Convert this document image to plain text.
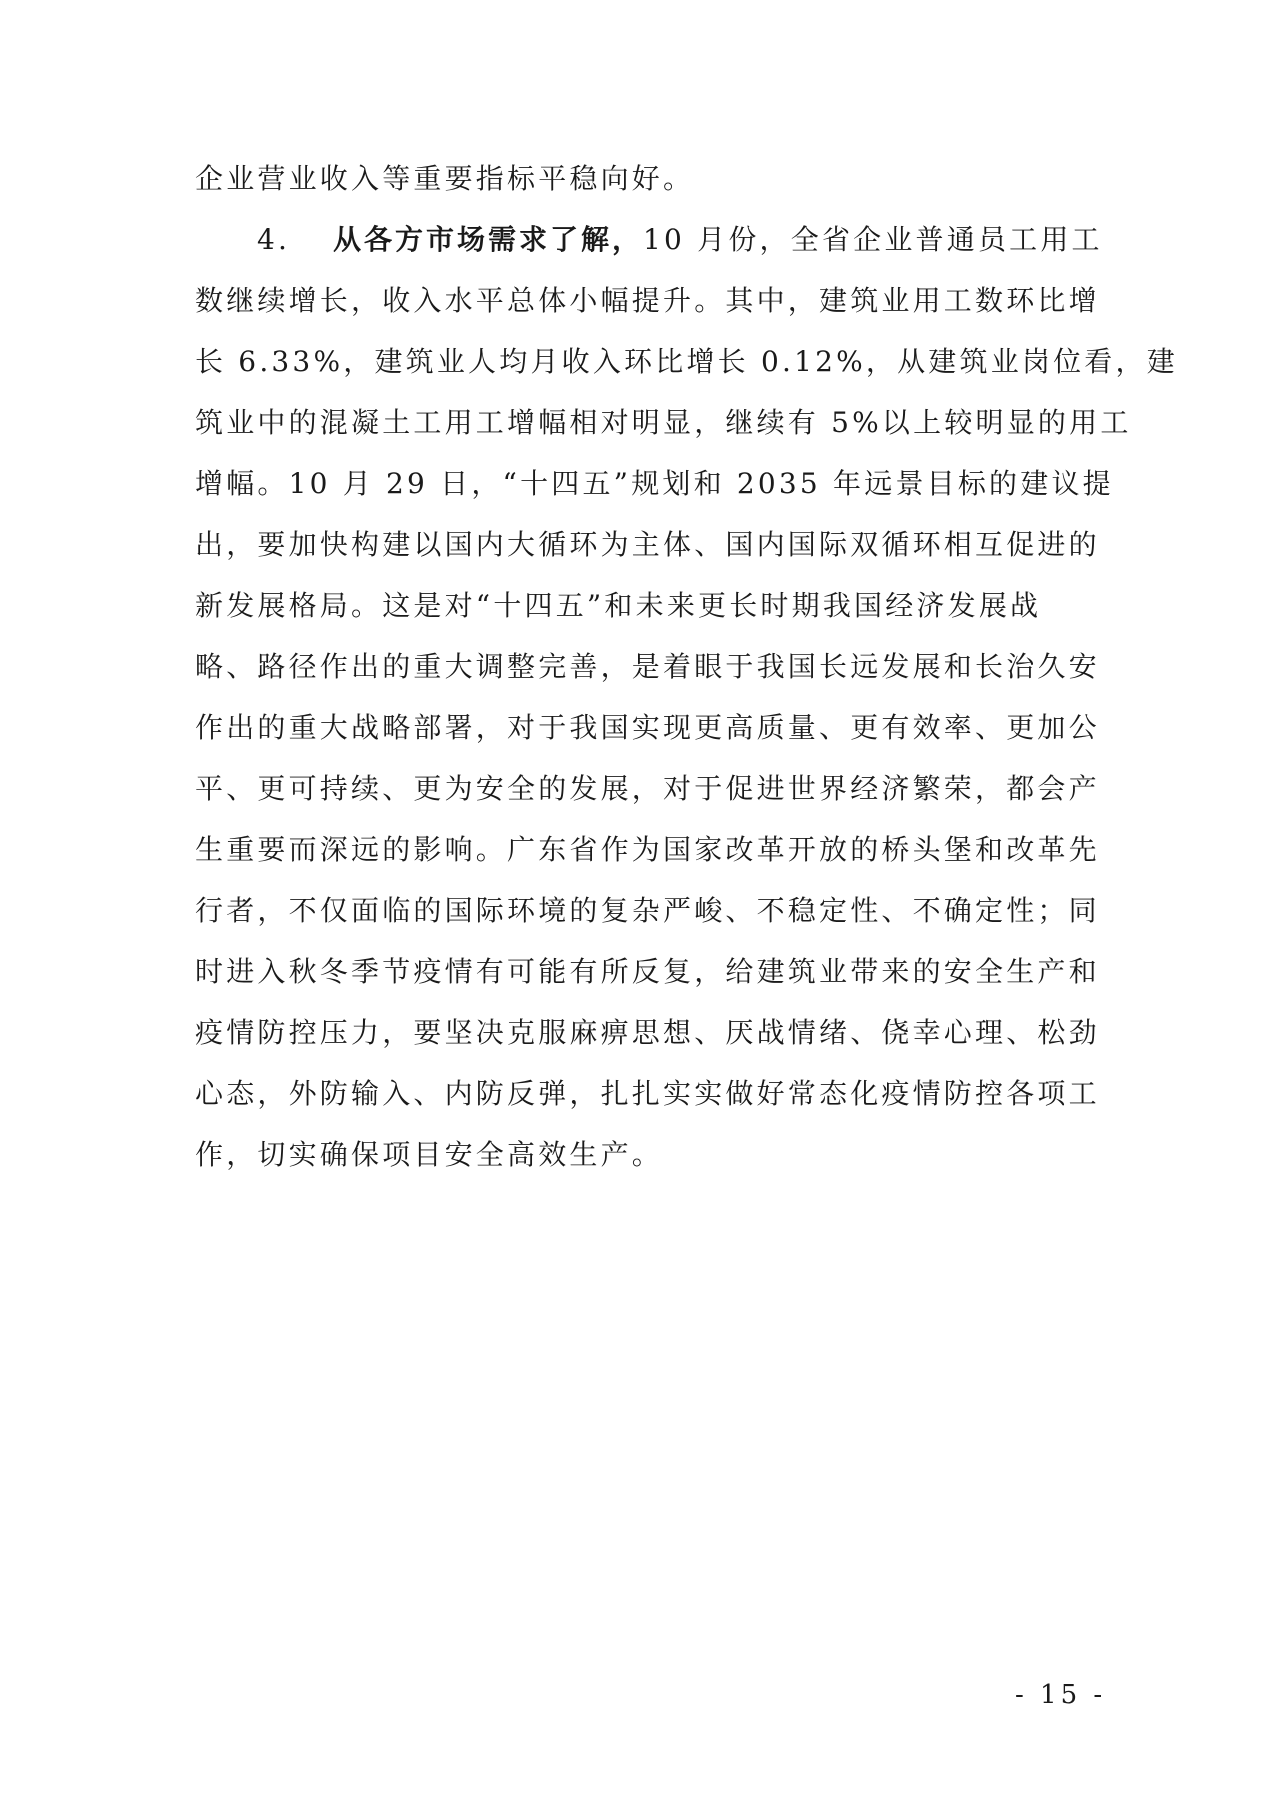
企业营业收入等重要指标平稳向好。
4. 从各方市场需求了解，10 月份，全省企业普通员工用工
数继续增长，收入水平总体小幅提升。其中，建筑业用工数环比增
长 6.33%，建筑业人均月收入环比增长 0.12%，从建筑业岗位看，建
筑业中的混凝土工用工增幅相对明显，继续有 5%以上较明显的用工
增幅。10 月 29 日，“十四五”规划和 2035 年远景目标的建议提
出，要加快构建以国内大循环为主体、国内国际双循环相互促进的
新发展格局。这是对“十四五”和未来更长时期我国经济发展战
略、路径作出的重大调整完善，是着眼于我国长远发展和长治久安
作出的重大战略部署，对于我国实现更高质量、更有效率、更加公
平、更可持续、更为安全的发展，对于促进世界经济繁荣，都会产
生重要而深远的影响。广东省作为国家改革开放的桥头堡和改革先
行者，不仅面临的国际环境的复杂严峻、不稳定性、不确定性；同
时进入秋冬季节疫情有可能有所反复，给建筑业带来的安全生产和
疫情防控压力，要坚决克服麻痹思想、厌战情绪、侥幸心理、松劲
心态，外防输入、内防反弹，扎扎实实做好常态化疫情防控各项工
作，切实确保项目安全高效生产。
- 15 -
